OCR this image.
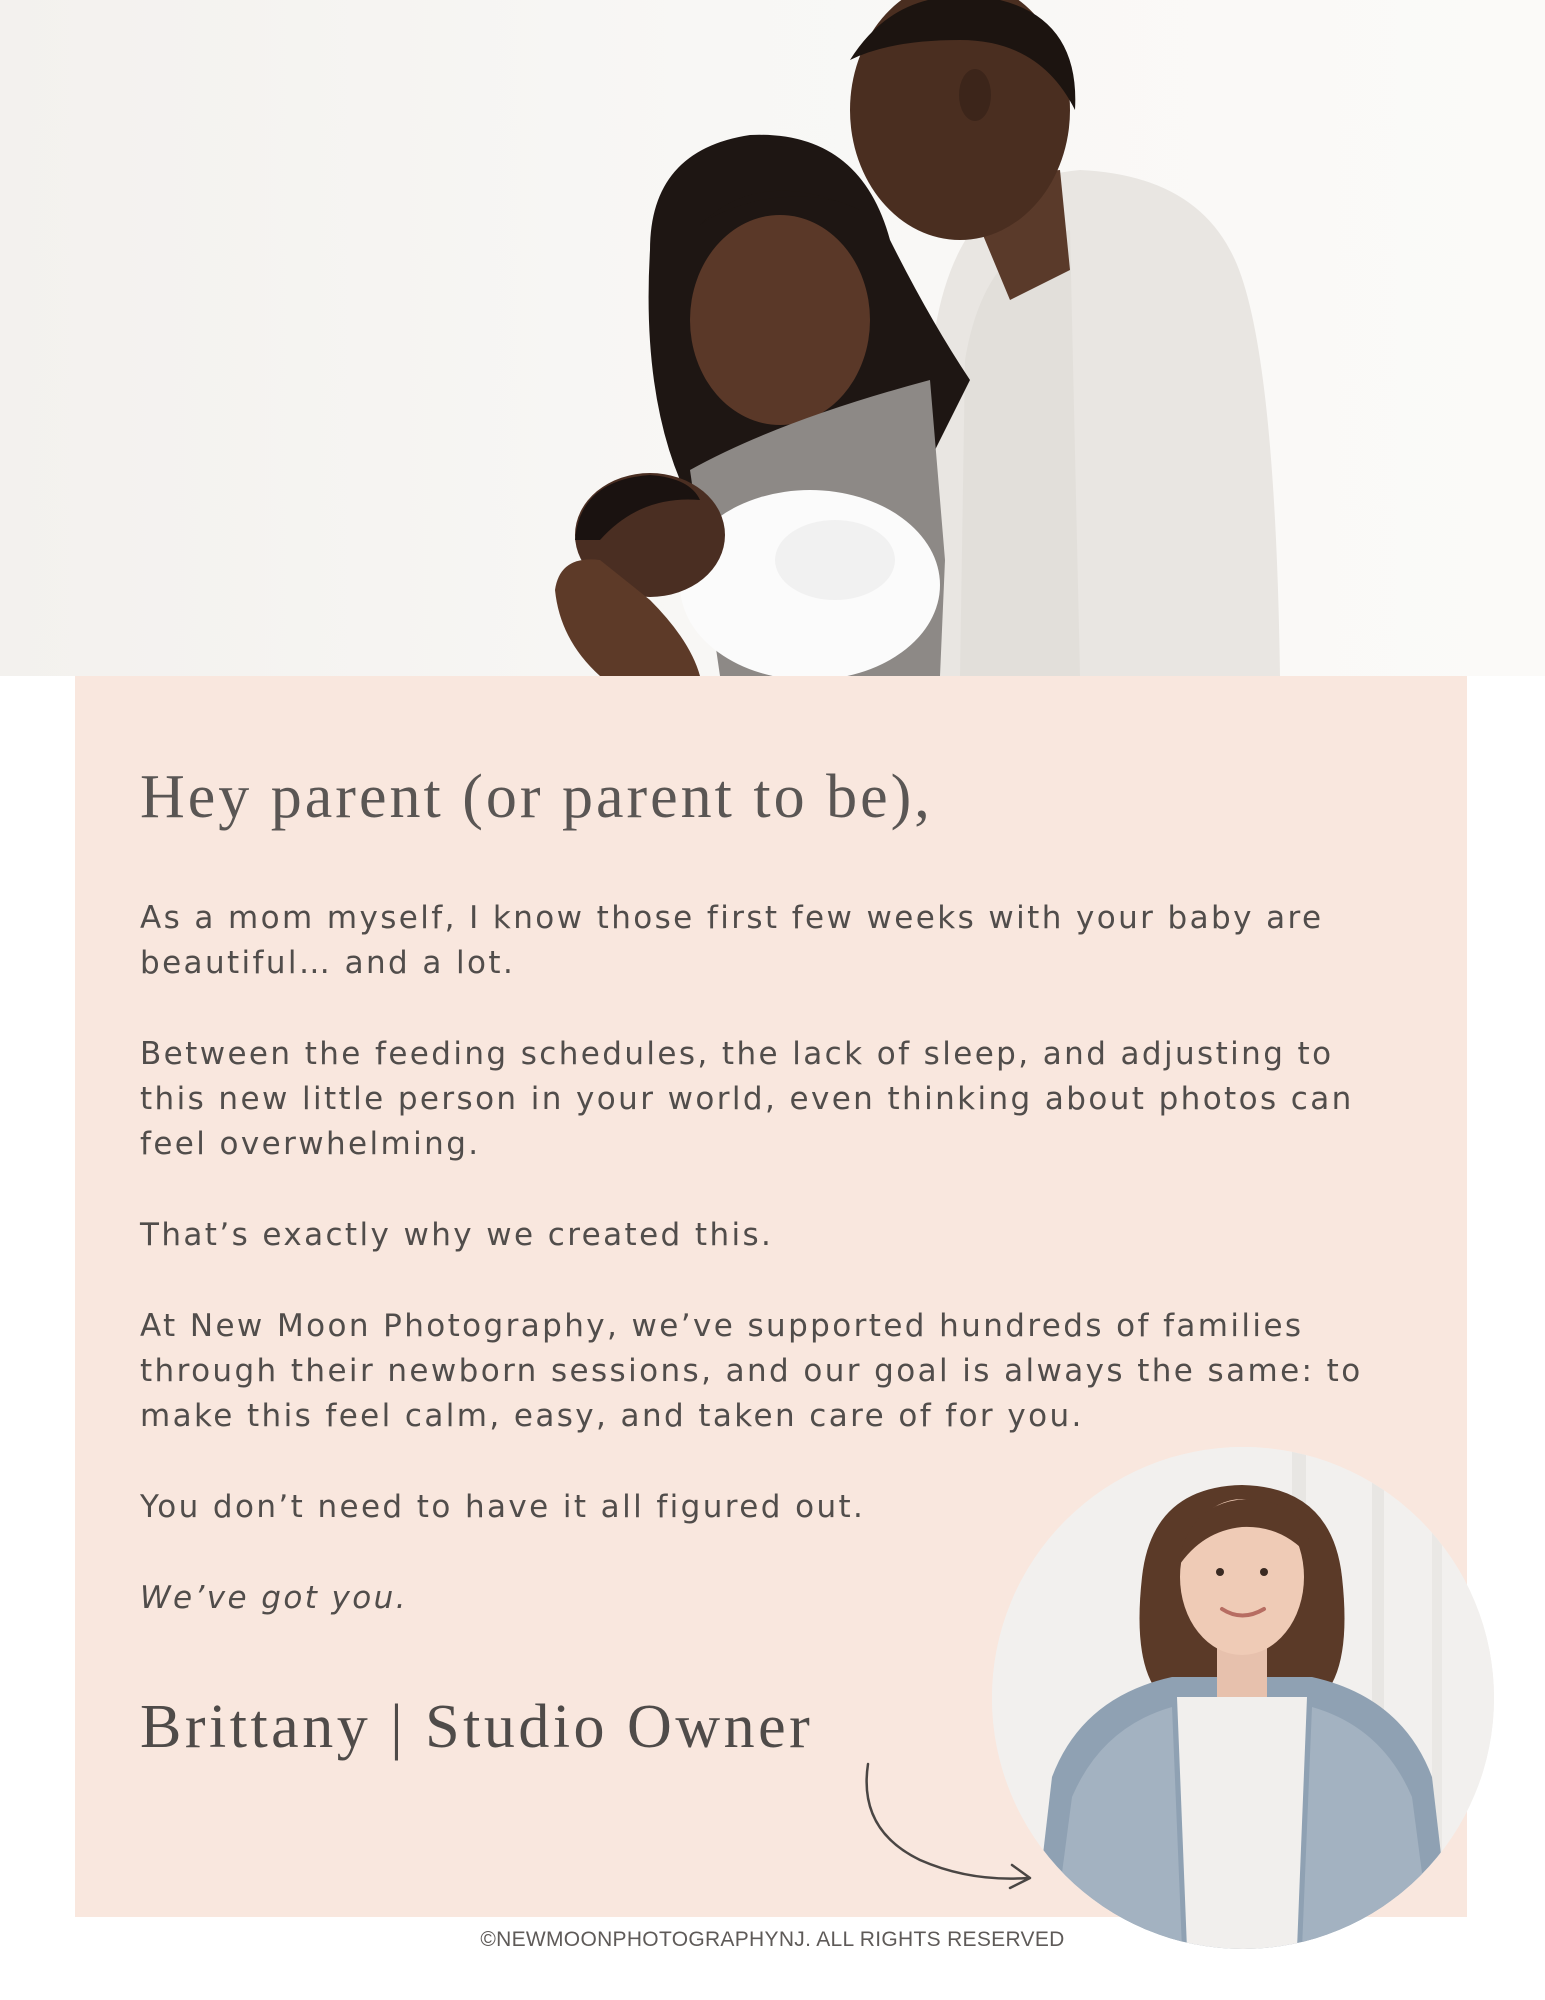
Hey parent (or parent to be),

As a mom myself, I know those first few weeks with your baby are beautiful… and a lot.

Between the feeding schedules, the lack of sleep, and adjusting to this new little person in your world, even thinking about photos can feel overwhelming.

That’s exactly why we created this.

At New Moon Photography, we’ve supported hundreds of families through their newborn sessions, and our goal is always the same: to make this feel calm, easy, and taken care of for you.

You don’t need to have it all figured out.

We’ve got you.

Brittany | Studio Owner
©NEWMOONPHOTOGRAPHYNJ. ALL RIGHTS RESERVED
